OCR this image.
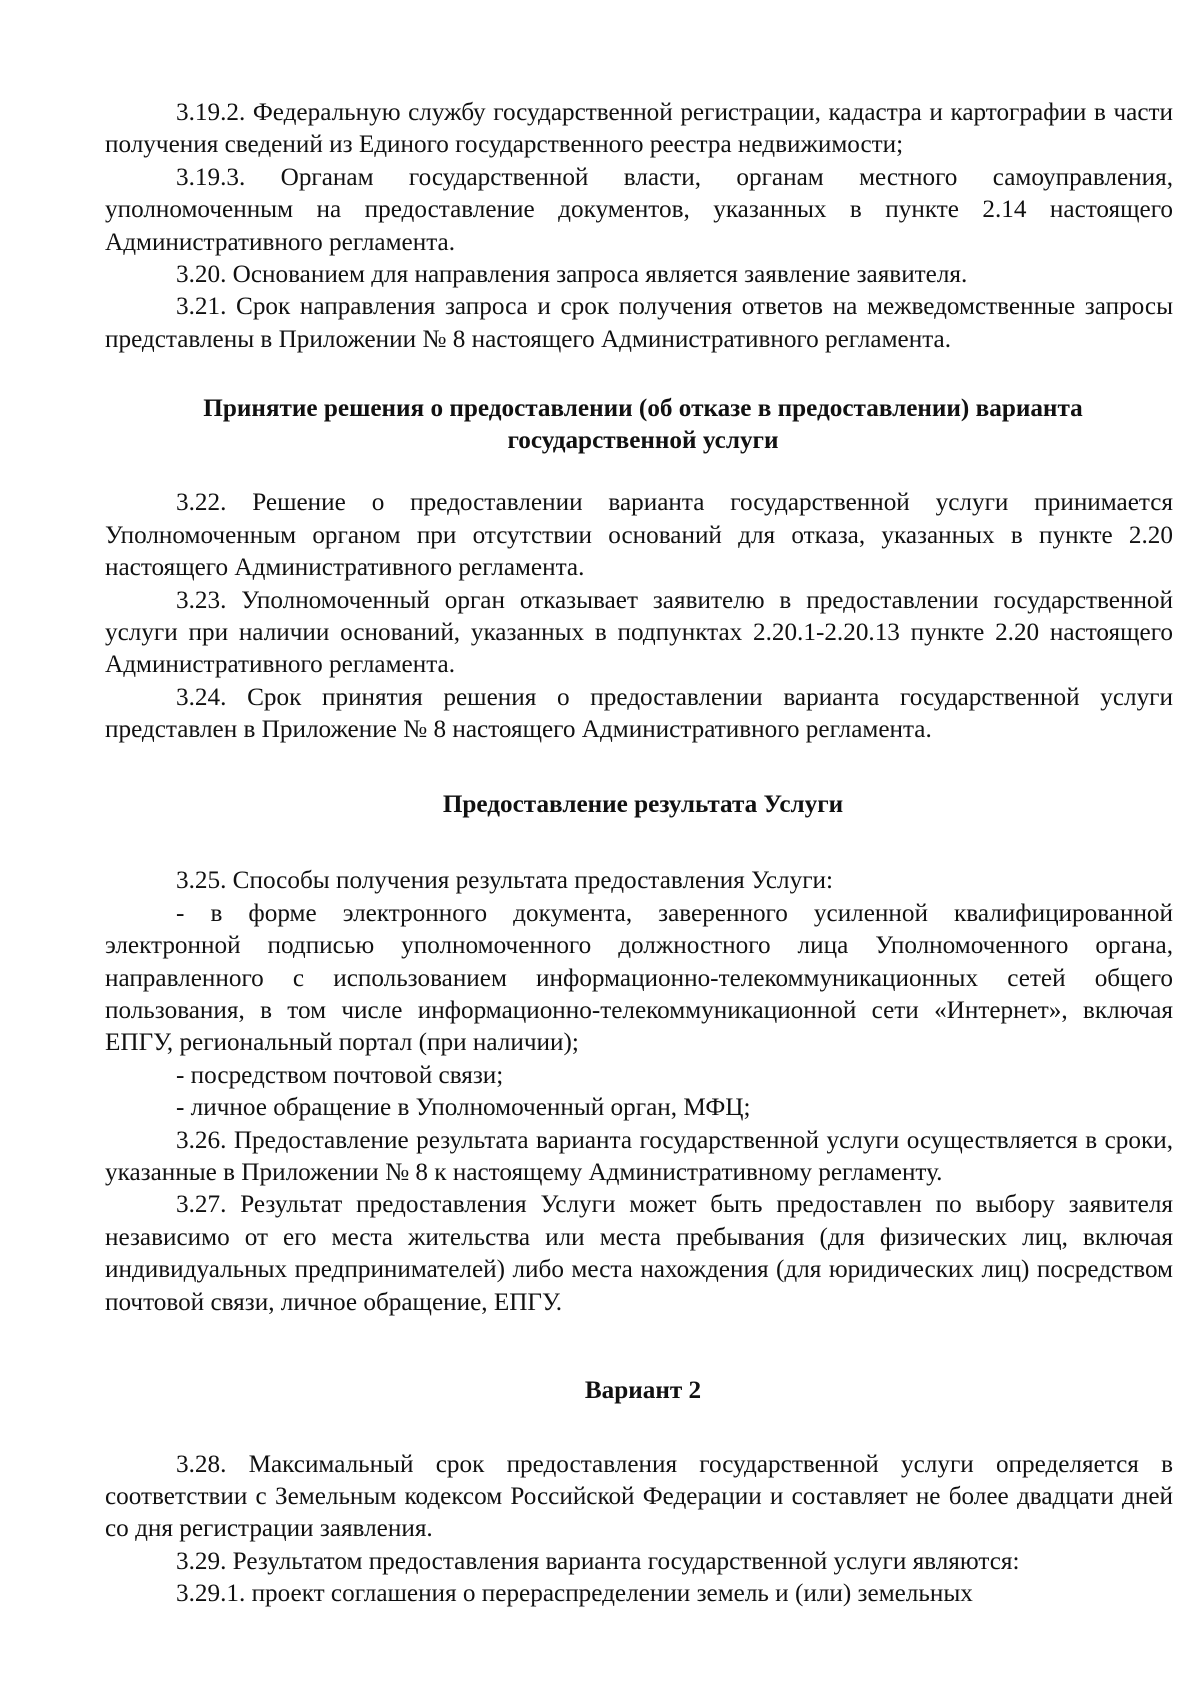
3.19.2. Федеральную службу государственной регистрации, кадастра и картографии в части получения сведений из Единого государственного реестра недвижимости;

3.19.3. Органам государственной власти, органам местного самоуправления, уполномоченным на предоставление документов, указанных в пункте 2.14 настоящего Административного регламента.

3.20. Основанием для направления запроса является заявление заявителя.

3.21. Срок направления запроса и срок получения ответов на межведомственные запросы представлены в Приложении № 8 настоящего Административного регламента.

Принятие решения о предоставлении (об отказе в предоставлении) варианта государственной услуги

3.22. Решение о предоставлении варианта государственной услуги принимается Уполномоченным органом при отсутствии оснований для отказа, указанных в пункте 2.20 настоящего Административного регламента.

3.23. Уполномоченный орган отказывает заявителю в предоставлении государственной услуги при наличии оснований, указанных в подпунктах 2.20.1-2.20.13 пункте 2.20 настоящего Административного регламента.

3.24. Срок принятия решения о предоставлении варианта государственной услуги представлен в Приложение № 8 настоящего Административного регламента.

Предоставление результата Услуги

3.25. Способы получения результата предоставления Услуги:

- в форме электронного документа, заверенного усиленной квалифицированной электронной подписью уполномоченного должностного лица Уполномоченного органа, направленного с использованием информационно-телекоммуникационных сетей общего пользования, в том числе информационно-телекоммуникационной сети «Интернет», включая ЕПГУ, региональный портал (при наличии);

- посредством почтовой связи;

- личное обращение в Уполномоченный орган, МФЦ;

3.26. Предоставление результата варианта государственной услуги осуществляется в сроки, указанные в Приложении № 8 к настоящему Административному регламенту.

3.27. Результат предоставления Услуги может быть предоставлен по выбору заявителя независимо от его места жительства или места пребывания (для физических лиц, включая индивидуальных предпринимателей) либо места нахождения (для юридических лиц) посредством почтовой связи, личное обращение, ЕПГУ.

Вариант 2

3.28. Максимальный срок предоставления государственной услуги определяется в соответствии с Земельным кодексом Российской Федерации и составляет не более двадцати дней со дня регистрации заявления.

3.29. Результатом предоставления варианта государственной услуги являются:

3.29.1. проект соглашения о перераспределении земель и (или) земельных
